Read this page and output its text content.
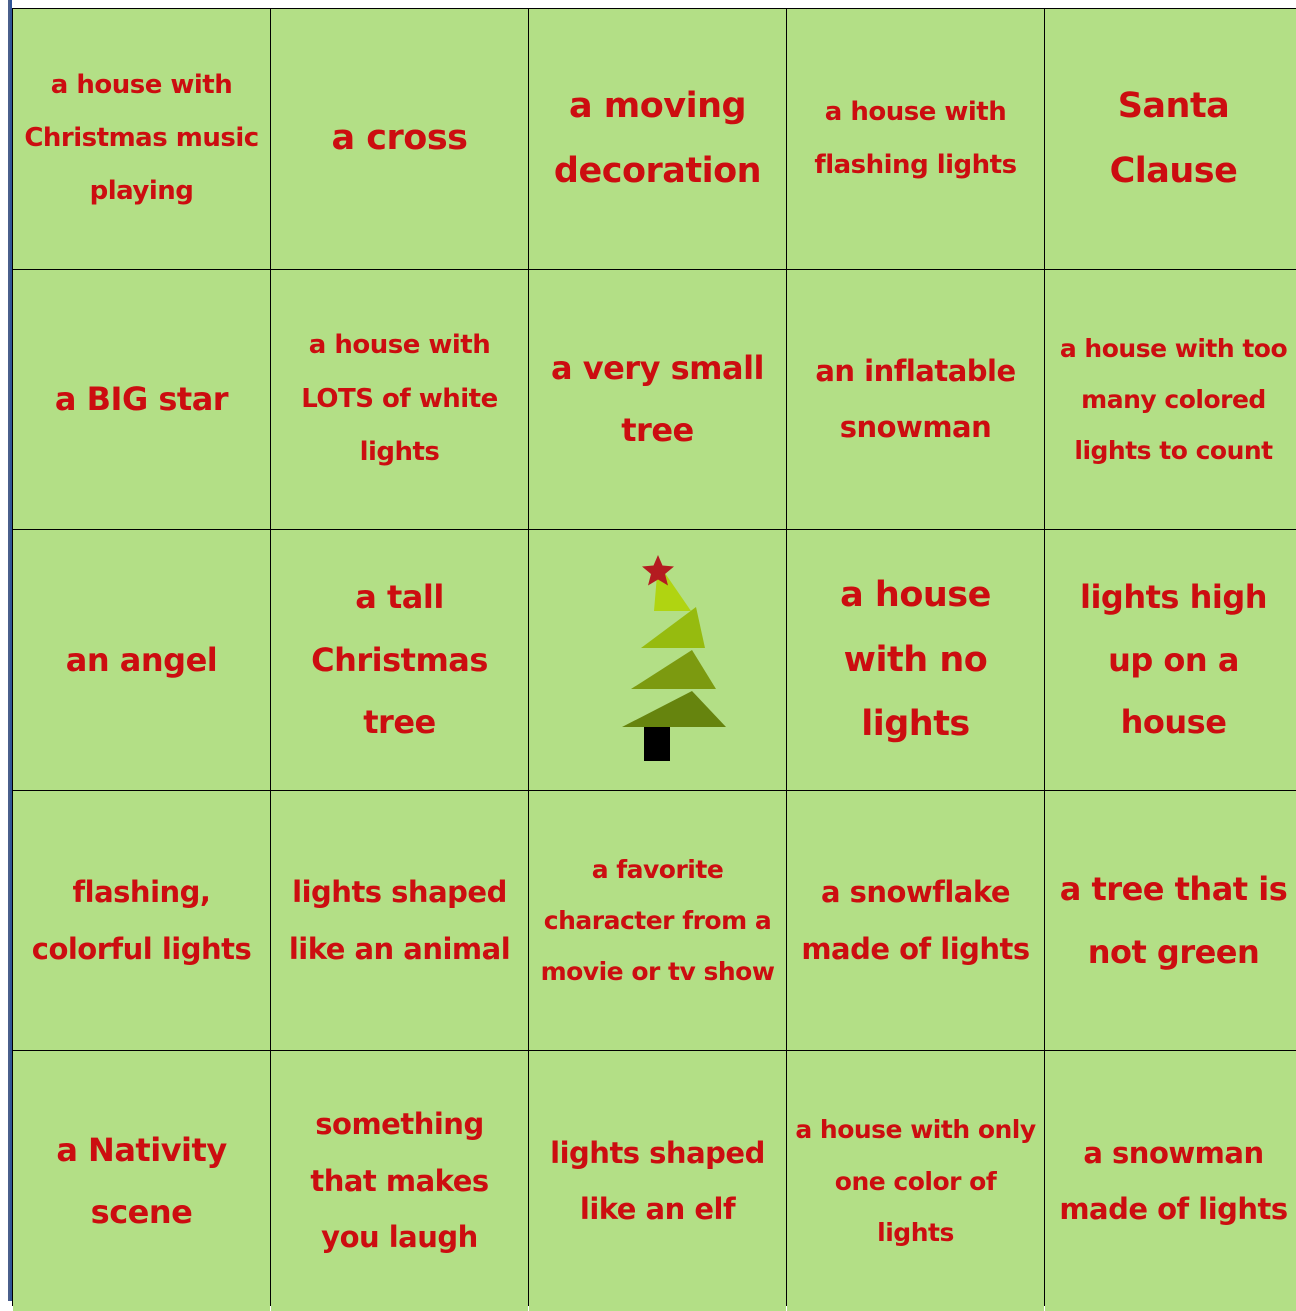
a house with Christmas music playing
a cross
a moving decoration
a house with flashing lights
Santa Clause
a BIG star
a house with LOTS of white lights
a very small tree
an inflatable snowman
a house with too many colored lights to count
an angel
a tall Christmas tree
a house with no lights
lights high up on a house
flashing, colorful lights
lights shaped like an animal
a favorite character from a movie or tv show
a snowflake made of lights
a tree that is not green
a Nativity scene
something that makes you laugh
lights shaped like an elf
a house with only one color of lights
a snowman made of lights
